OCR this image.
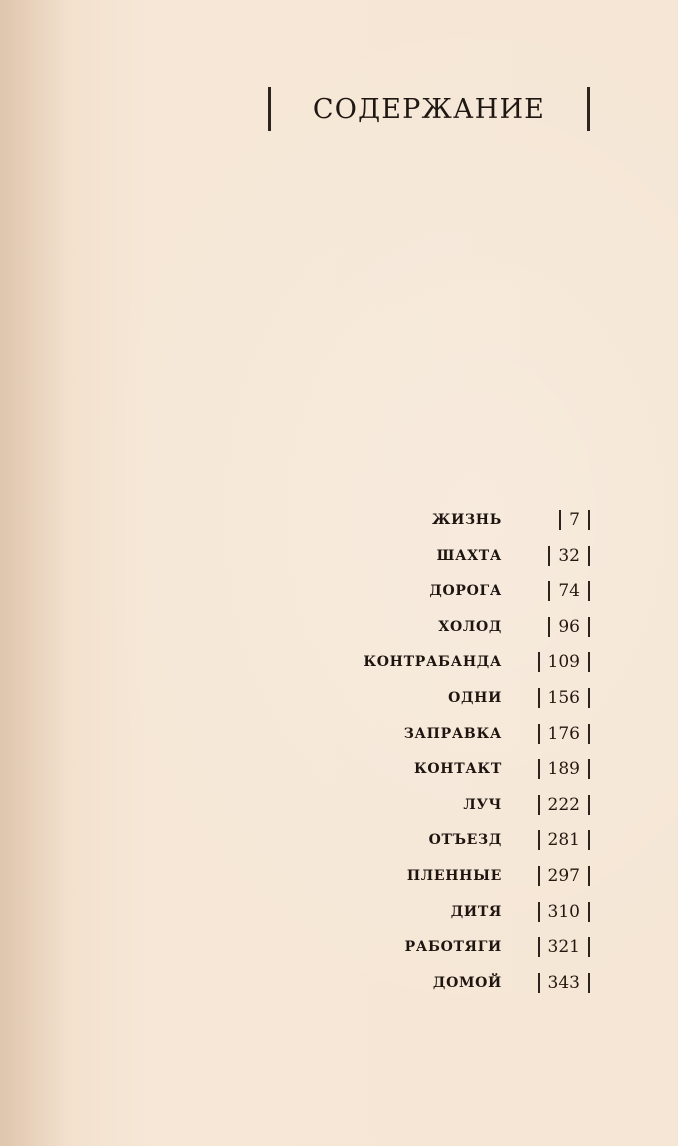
СОДЕРЖАНИЕ
ЖИЗНЬ	7
ШАХТА	32
ДОРОГА	74
ХОЛОД	96
КОНТРАБАНДА	109
ОДНИ	156
ЗАПРАВКА	176
КОНТАКТ	189
ЛУЧ	222
ОТЪЕЗД	281
ПЛЕННЫЕ	297
ДИТЯ	310
РАБОТЯГИ	321
ДОМОЙ	343
